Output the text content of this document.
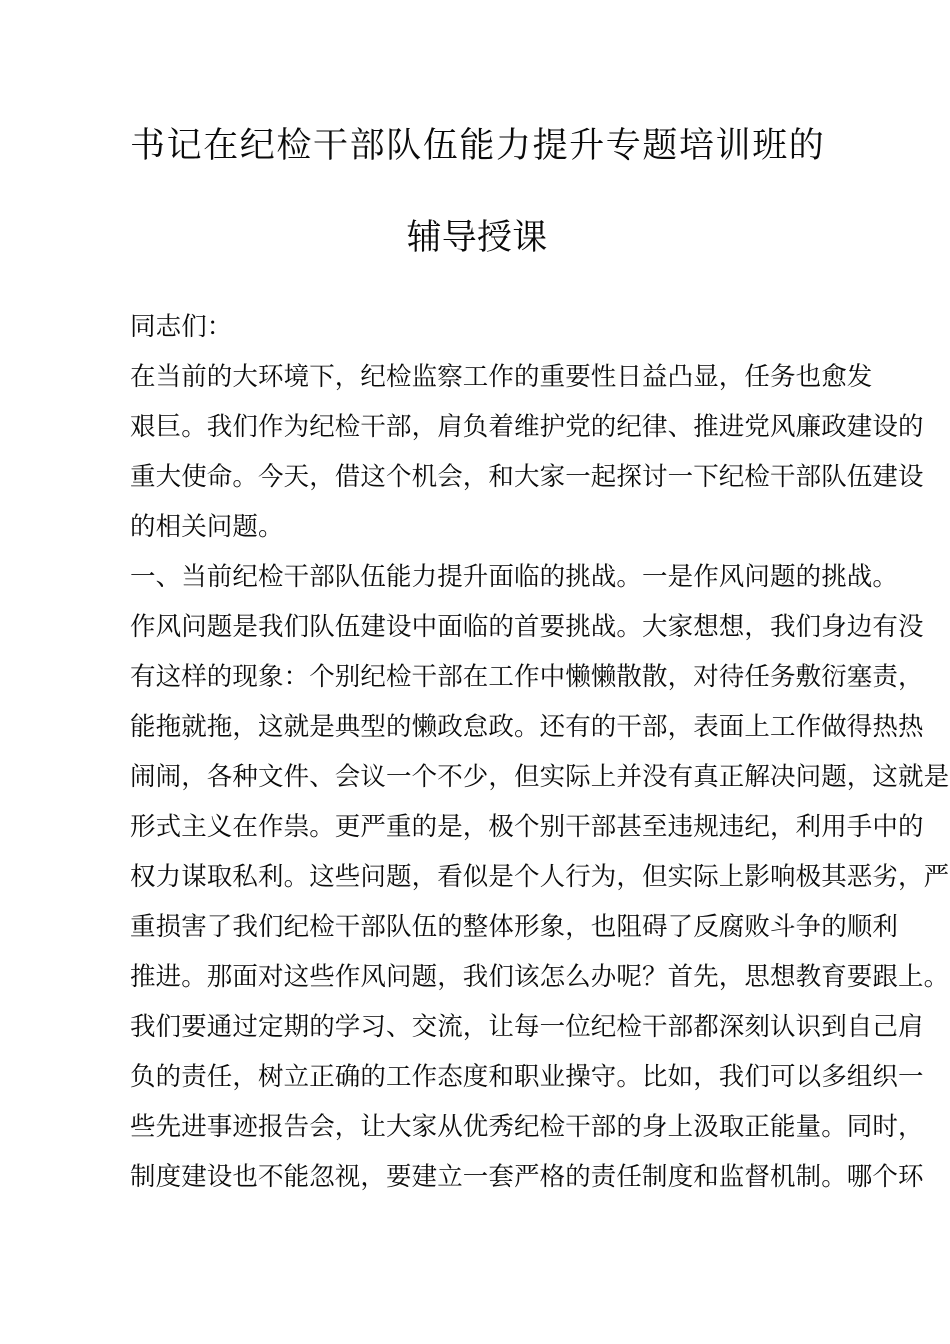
书记在纪检干部队伍能力提升专题培训班的
辅导授课

同志们：

在当前的大环境下，纪检监察工作的重要性日益凸显，任务也愈发
艰巨。我们作为纪检干部，肩负着维护党的纪律、推进党风廉政建设的
重大使命。今天，借这个机会，和大家一起探讨一下纪检干部队伍建设
的相关问题。

一、当前纪检干部队伍能力提升面临的挑战。一是作风问题的挑战。

作风问题是我们队伍建设中面临的首要挑战。大家想想，我们身边有没
有这样的现象：个别纪检干部在工作中懒懒散散，对待任务敷衍塞责，
能拖就拖，这就是典型的懒政怠政。还有的干部，表面上工作做得热热
闹闹，各种文件、会议一个不少，但实际上并没有真正解决问题，这就是
形式主义在作祟。更严重的是，极个别干部甚至违规违纪，利用手中的
权力谋取私利。这些问题，看似是个人行为，但实际上影响极其恶劣，严
重损害了我们纪检干部队伍的整体形象，也阻碍了反腐败斗争的顺利
推进。那面对这些作风问题，我们该怎么办呢？首先，思想教育要跟上。
我们要通过定期的学习、交流，让每一位纪检干部都深刻认识到自己肩
负的责任，树立正确的工作态度和职业操守。比如，我们可以多组织一
些先进事迹报告会，让大家从优秀纪检干部的身上汲取正能量。同时，
制度建设也不能忽视，要建立一套严格的责任制度和监督机制。哪个环
